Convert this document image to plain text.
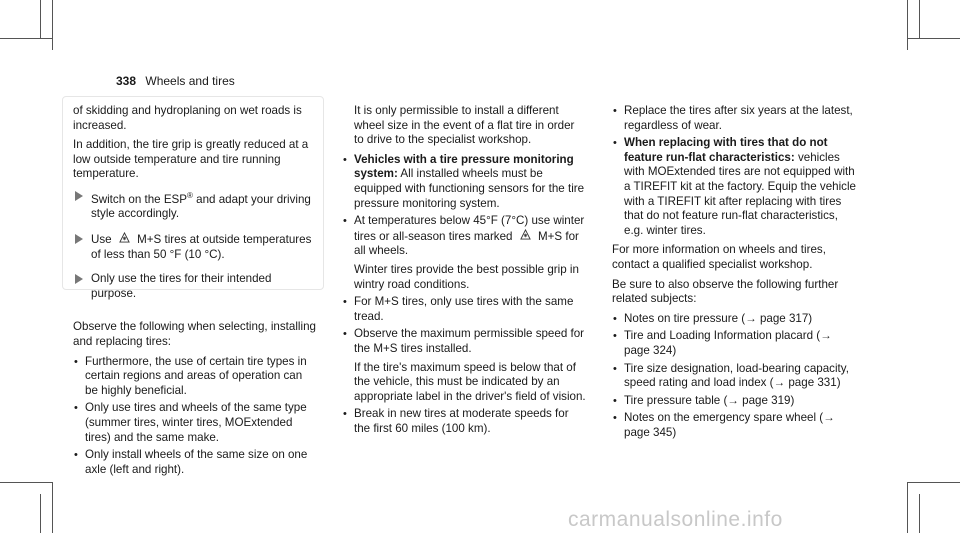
338 Wheels and tires

of skidding and hydroplaning on wet roads is increased.

In addition, the tire grip is greatly reduced at a low outside temperature and tire running temperature.

Switch on the ESP® and adapt your driving style accordingly.
Use M+S tires at outside temperatures of less than 50 °F (10 °C).
Only use the tires for their intended purpose.

Observe the following when selecting, installing and replacing tires:

• Furthermore, the use of certain tire types in certain regions and areas of operation can be highly beneficial.
• Only use tires and wheels of the same type (summer tires, winter tires, MOExtended tires) and the same make.
• Only install wheels of the same size on one axle (left and right).

It is only permissible to install a different wheel size in the event of a flat tire in order to drive to the specialist workshop.

• Vehicles with a tire pressure monitoring system: All installed wheels must be equipped with functioning sensors for the tire pressure monitoring system.
• At temperatures below 45°F (7°C) use winter tires or all-season tires marked M+S for all wheels.
Winter tires provide the best possible grip in wintry road conditions.
• For M+S tires, only use tires with the same tread.
• Observe the maximum permissible speed for the M+S tires installed.
If the tire's maximum speed is below that of the vehicle, this must be indicated by an appropriate label in the driver's field of vision.
• Break in new tires at moderate speeds for the first 60 miles (100 km).
• Replace the tires after six years at the latest, regardless of wear.
• When replacing with tires that do not feature run-flat characteristics: vehicles with MOExtended tires are not equipped with a TIREFIT kit at the factory. Equip the vehicle with a TIREFIT kit after replacing with tires that do not feature run-flat characteristics, e.g. winter tires.

For more information on wheels and tires, contact a qualified specialist workshop.

Be sure to also observe the following further related subjects:

• Notes on tire pressure (→ page 317)
• Tire and Loading Information placard (→ page 324)
• Tire size designation, load-bearing capacity, speed rating and load index (→ page 331)
• Tire pressure table (→ page 319)
• Notes on the emergency spare wheel (→ page 345)
carmanualsonline.info
